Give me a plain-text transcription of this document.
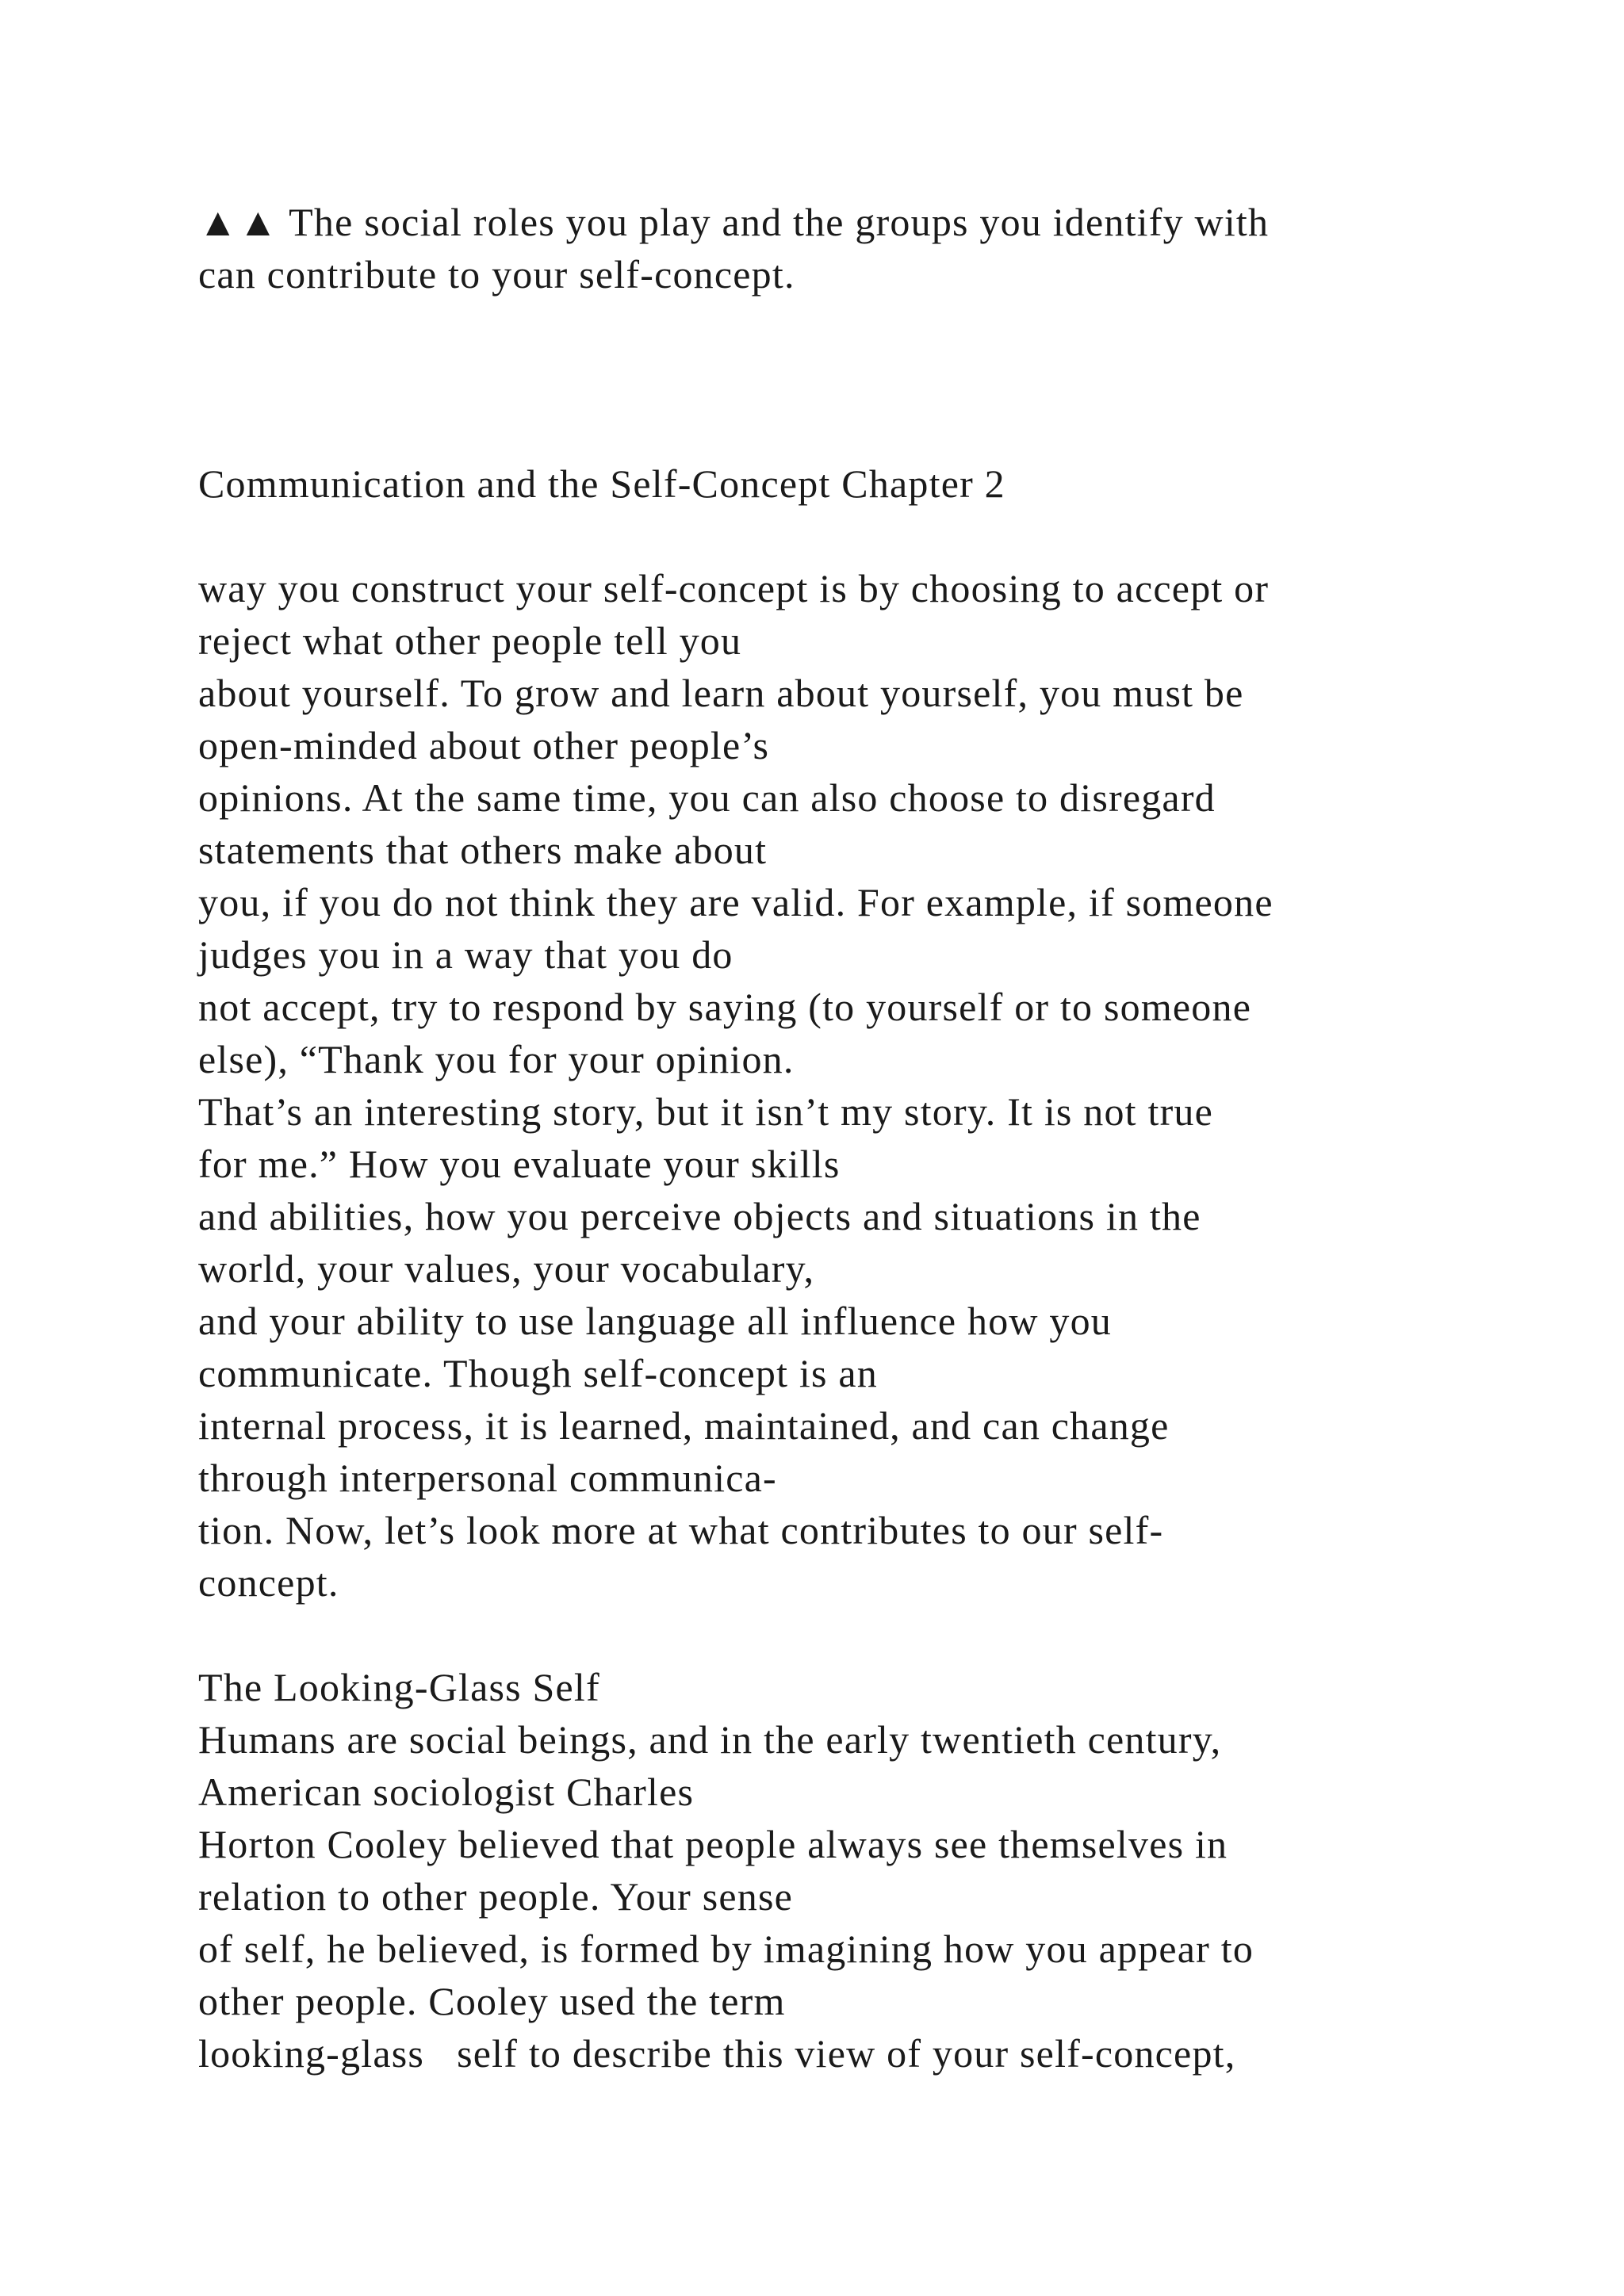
▲▲ The social roles you play and the groups you identify with

can contribute to your self-concept.

Communication and the Self-Concept Chapter 2

way you construct your self-concept is by choosing to accept or

reject what other people tell you

about yourself. To grow and learn about yourself, you must be

open-minded about other people’s

opinions. At the same time, you can also choose to disregard

statements that others make about

you, if you do not think they are valid. For example, if someone

judges you in a way that you do

not accept, try to respond by saying (to yourself or to someone

else), “Thank you for your opinion.

That’s an interesting story, but it isn’t my story. It is not true

for me.” How you evaluate your skills

and abilities, how you perceive objects and situations in the

world, your values, your vocabulary,

and your ability to use language all influence how you

communicate. Though self-concept is an

internal process, it is learned, maintained, and can change

through interpersonal communica-

tion. Now, let’s look more at what contributes to our self-

concept.

The Looking-Glass Self

Humans are social beings, and in the early twentieth century,

American sociologist Charles

Horton Cooley believed that people always see themselves in

relation to other people. Your sense

of self, he believed, is formed by imagining how you appear to

other people. Cooley used the term

looking-glass   self to describe this view of your self-concept,
